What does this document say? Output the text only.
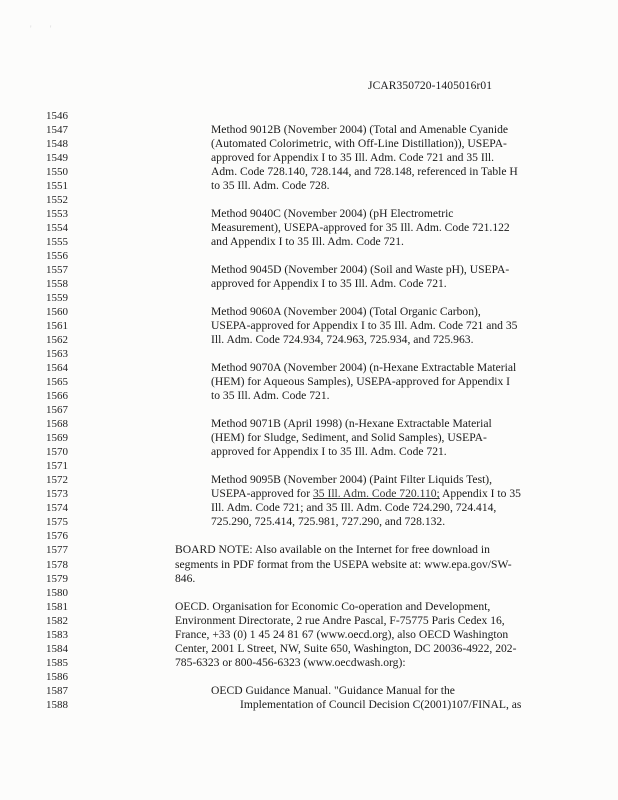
' '
JCAR350720-1405016r01
1546
1547	Method 9012B (November 2004) (Total and Amenable Cyanide
1548	(Automated Colorimetric, with Off-Line Distillation)), USEPA-
1549	approved for Appendix I to 35 Ill. Adm. Code 721 and 35 Ill.
1550	Adm. Code 728.140, 728.144, and 728.148, referenced in Table H
1551	to 35 Ill. Adm. Code 728.
1552
1553	Method 9040C (November 2004) (pH Electrometric
1554	Measurement), USEPA-approved for 35 Ill. Adm. Code 721.122
1555	and Appendix I to 35 Ill. Adm. Code 721.
1556
1557	Method 9045D (November 2004) (Soil and Waste pH), USEPA-
1558	approved for Appendix I to 35 Ill. Adm. Code 721.
1559
1560	Method 9060A (November 2004) (Total Organic Carbon),
1561	USEPA-approved for Appendix I to 35 Ill. Adm. Code 721 and 35
1562	Ill. Adm. Code 724.934, 724.963, 725.934, and 725.963.
1563
1564	Method 9070A (November 2004) (n-Hexane Extractable Material
1565	(HEM) for Aqueous Samples), USEPA-approved for Appendix I
1566	to 35 Ill. Adm. Code 721.
1567
1568	Method 9071B (April 1998) (n-Hexane Extractable Material
1569	(HEM) for Sludge, Sediment, and Solid Samples), USEPA-
1570	approved for Appendix I to 35 Ill. Adm. Code 721.
1571
1572	Method 9095B (November 2004) (Paint Filter Liquids Test),
1573	USEPA-approved for 35 Ill. Adm. Code 720.110; Appendix I to 35
1574	Ill. Adm. Code 721; and 35 Ill. Adm. Code 724.290, 724.414,
1575	725.290, 725.414, 725.981, 727.290, and 728.132.
1576
1577	BOARD NOTE: Also available on the Internet for free download in
1578	segments in PDF format from the USEPA website at: www.epa.gov/SW-
1579	846.
1580
1581	OECD. Organisation for Economic Co-operation and Development,
1582	Environment Directorate, 2 rue Andre Pascal, F-75775 Paris Cedex 16,
1583	France, +33 (0) 1 45 24 81 67 (www.oecd.org), also OECD Washington
1584	Center, 2001 L Street, NW, Suite 650, Washington, DC 20036-4922, 202-
1585	785-6323 or 800-456-6323 (www.oecdwash.org):
1586
1587	OECD Guidance Manual. "Guidance Manual for the
1588	Implementation of Council Decision C(2001)107/FINAL, as
